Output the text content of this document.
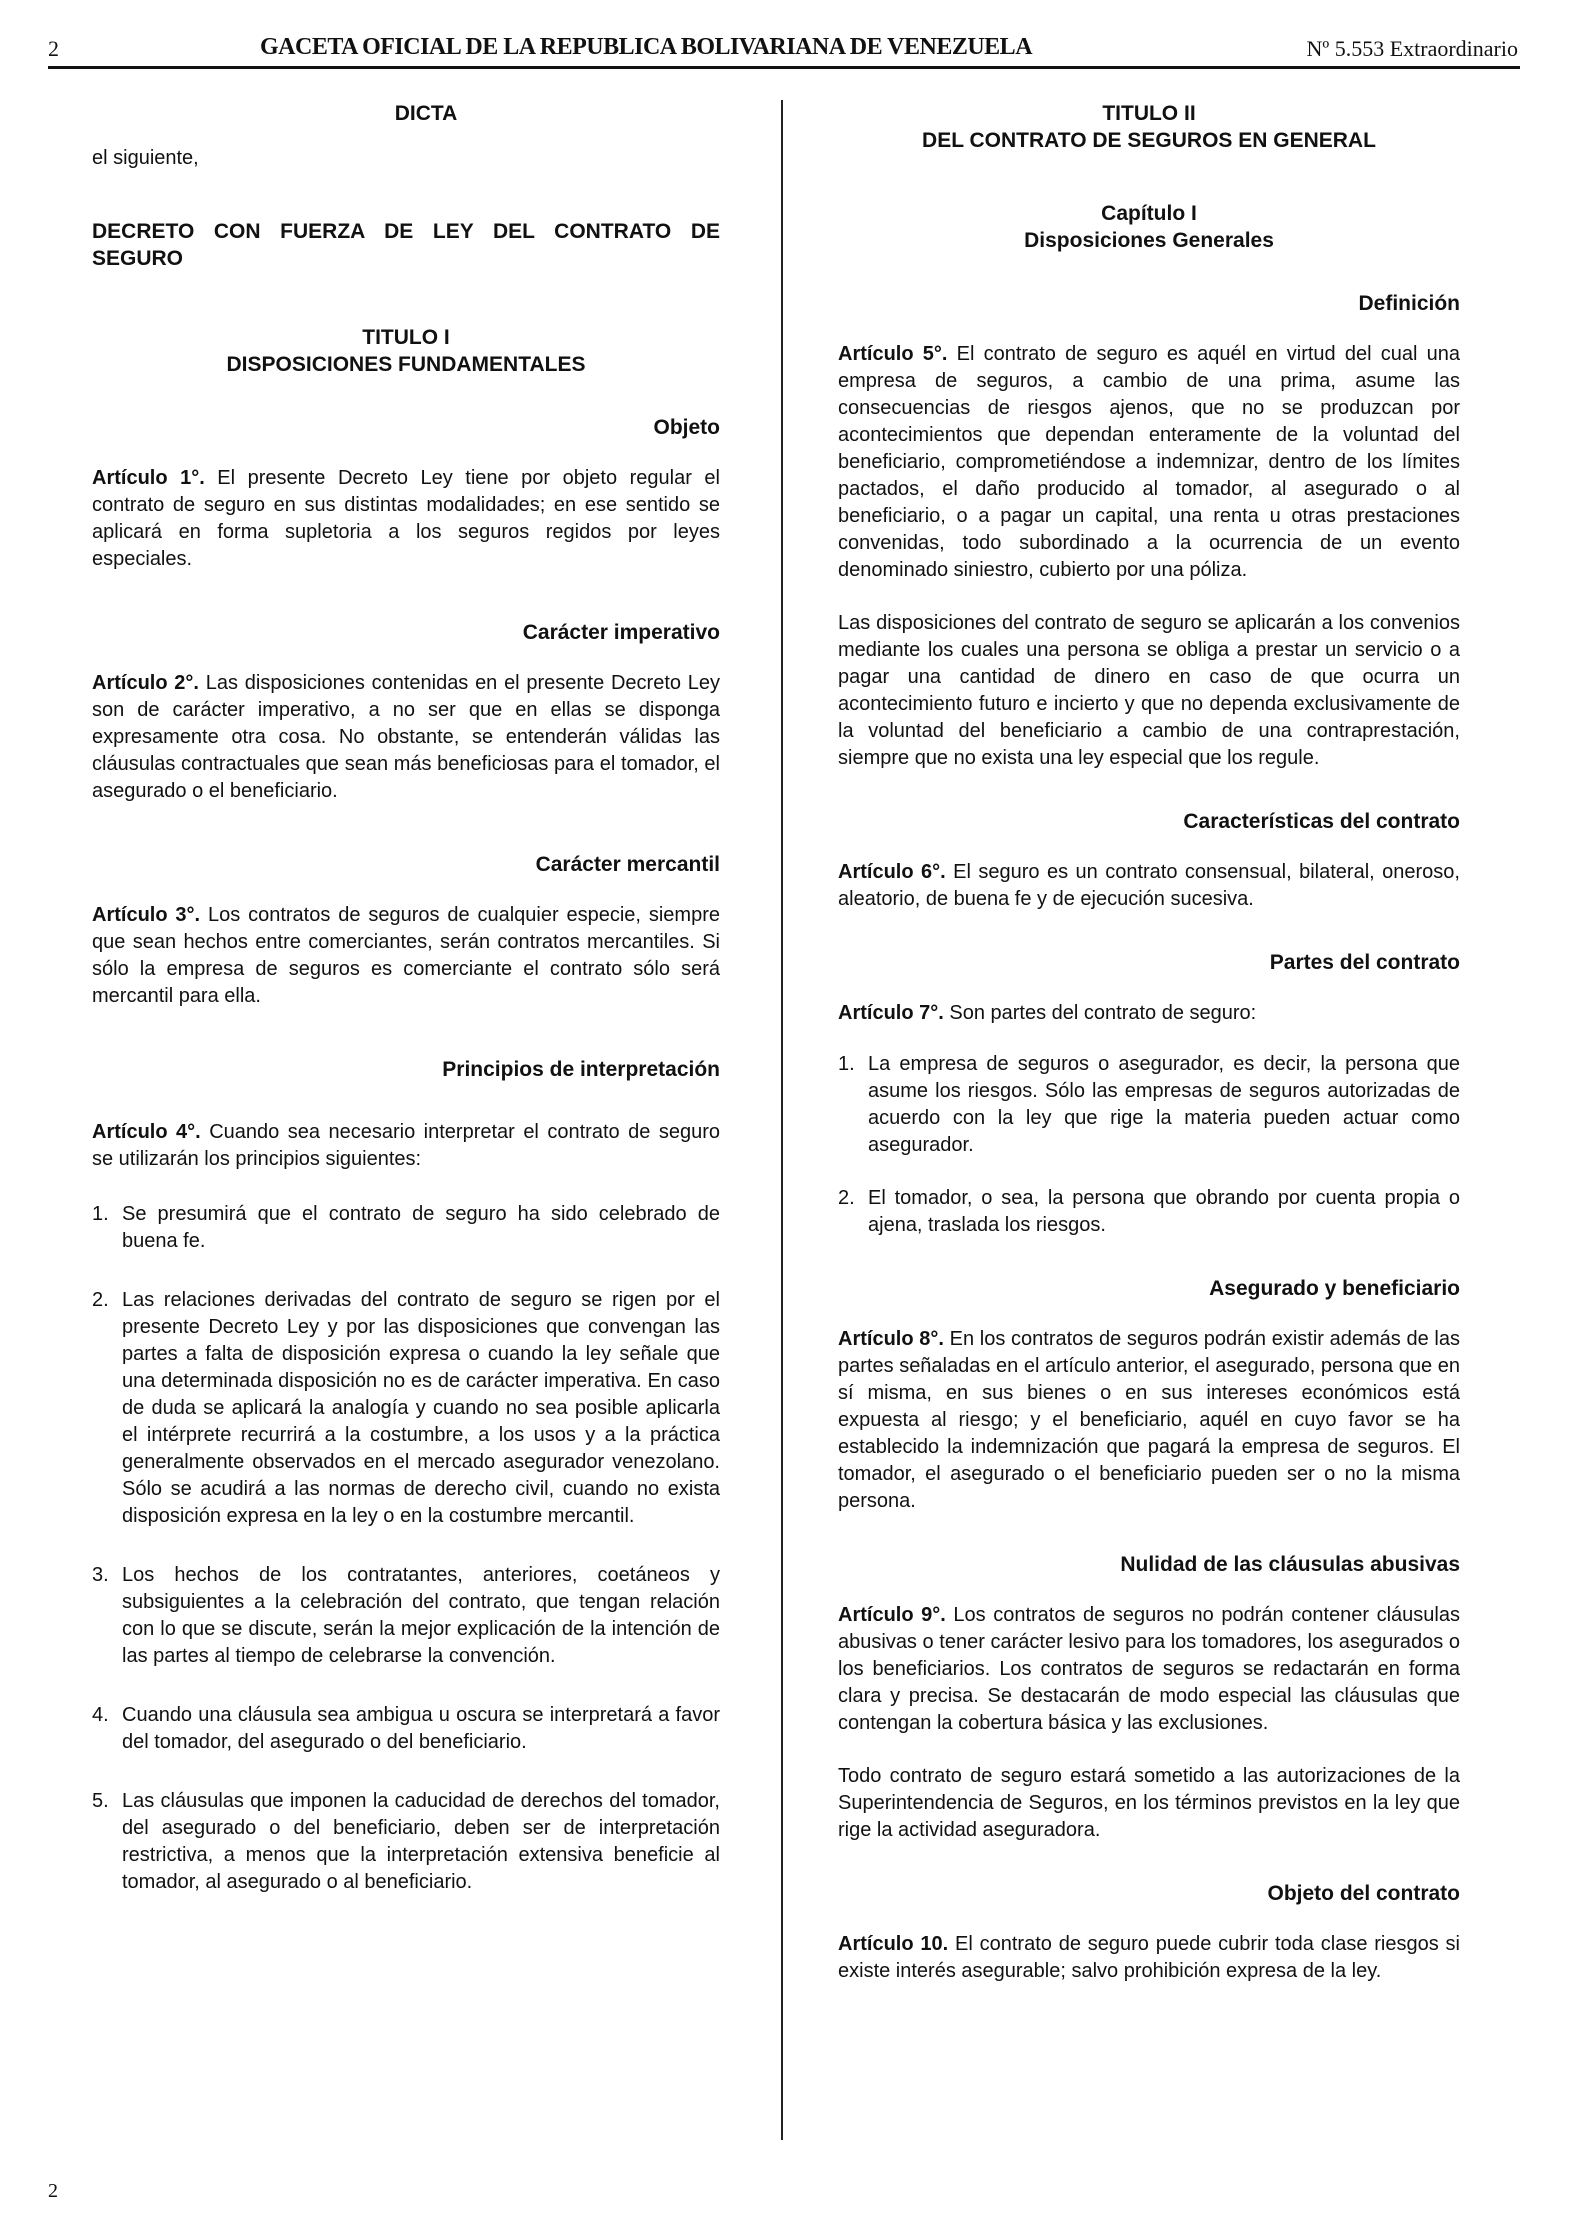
2	GACETA OFICIAL DE LA REPUBLICA BOLIVARIANA DE VENEZUELA	Nº 5.553 Extraordinario
DICTA

el siguiente,

DECRETO CON FUERZA DE LEY DEL CONTRATO DE SEGURO
TITULO I
DISPOSICIONES FUNDAMENTALES
Objeto

Artículo 1°. El presente Decreto Ley tiene por objeto regular el contrato de seguro en sus distintas modalidades; en ese sentido se aplicará en forma supletoria a los seguros regidos por leyes especiales.

Carácter imperativo

Artículo 2°. Las disposiciones contenidas en el presente Decreto Ley son de carácter imperativo, a no ser que en ellas se disponga expresamente otra cosa. No obstante, se entenderán válidas las cláusulas contractuales que sean más beneficiosas para el tomador, el asegurado o el beneficiario.

Carácter mercantil

Artículo 3°. Los contratos de seguros de cualquier especie, siempre que sean hechos entre comerciantes, serán contratos mercantiles. Si sólo la empresa de seguros es comerciante el contrato sólo será mercantil para ella.

Principios de interpretación

Artículo 4°. Cuando sea necesario interpretar el contrato de seguro se utilizarán los principios siguientes:

1. Se presumirá que el contrato de seguro ha sido celebrado de buena fe.
2. Las relaciones derivadas del contrato de seguro se rigen por el presente Decreto Ley y por las disposiciones que convengan las partes a falta de disposición expresa o cuando la ley señale que una determinada disposición no es de carácter imperativa. En caso de duda se aplicará la analogía y cuando no sea posible aplicarla el intérprete recurrirá a la costumbre, a los usos y a la práctica generalmente observados en el mercado asegurador venezolano. Sólo se acudirá a las normas de derecho civil, cuando no exista disposición expresa en la ley o en la costumbre mercantil.
3. Los hechos de los contratantes, anteriores, coetáneos y subsiguientes a la celebración del contrato, que tengan relación con lo que se discute, serán la mejor explicación de la intención de las partes al tiempo de celebrarse la convención.
4. Cuando una cláusula sea ambigua u oscura se interpretará a favor del tomador, del asegurado o del beneficiario.
5. Las cláusulas que imponen la caducidad de derechos del tomador, del asegurado o del beneficiario, deben ser de interpretación restrictiva, a menos que la interpretación extensiva beneficie al tomador, al asegurado o al beneficiario.
TITULO II
DEL CONTRATO DE SEGUROS EN GENERAL
Capítulo I
Disposiciones Generales
Definición

Artículo 5°. El contrato de seguro es aquél en virtud del cual una empresa de seguros, a cambio de una prima, asume las consecuencias de riesgos ajenos, que no se produzcan por acontecimientos que dependan enteramente de la voluntad del beneficiario, comprometiéndose a indemnizar, dentro de los límites pactados, el daño producido al tomador, al asegurado o al beneficiario, o a pagar un capital, una renta u otras prestaciones convenidas, todo subordinado a la ocurrencia de un evento denominado siniestro, cubierto por una póliza.

Las disposiciones del contrato de seguro se aplicarán a los convenios mediante los cuales una persona se obliga a prestar un servicio o a pagar una cantidad de dinero en caso de que ocurra un acontecimiento futuro e incierto y que no dependa exclusivamente de la voluntad del beneficiario a cambio de una contraprestación, siempre que no exista una ley especial que los regule.

Características del contrato

Artículo 6°. El seguro es un contrato consensual, bilateral, oneroso, aleatorio, de buena fe y de ejecución sucesiva.

Partes del contrato

Artículo 7°. Son partes del contrato de seguro:

1. La empresa de seguros o asegurador, es decir, la persona que asume los riesgos. Sólo las empresas de seguros autorizadas de acuerdo con la ley que rige la materia pueden actuar como asegurador.
2. El tomador, o sea, la persona que obrando por cuenta propia o ajena, traslada los riesgos.
Asegurado y beneficiario

Artículo 8°. En los contratos de seguros podrán existir además de las partes señaladas en el artículo anterior, el asegurado, persona que en sí misma, en sus bienes o en sus intereses económicos está expuesta al riesgo; y el beneficiario, aquél en cuyo favor se ha establecido la indemnización que pagará la empresa de seguros. El tomador, el asegurado o el beneficiario pueden ser o no la misma persona.

Nulidad de las cláusulas abusivas

Artículo 9°. Los contratos de seguros no podrán contener cláusulas abusivas o tener carácter lesivo para los tomadores, los asegurados o los beneficiarios. Los contratos de seguros se redactarán en forma clara y precisa. Se destacarán de modo especial las cláusulas que contengan la cobertura básica y las exclusiones.

Todo contrato de seguro estará sometido a las autorizaciones de la Superintendencia de Seguros, en los términos previstos en la ley que rige la actividad aseguradora.

Objeto del contrato

Artículo 10. El contrato de seguro puede cubrir toda clase riesgos si existe interés asegurable; salvo prohibición expresa de la ley.

2
